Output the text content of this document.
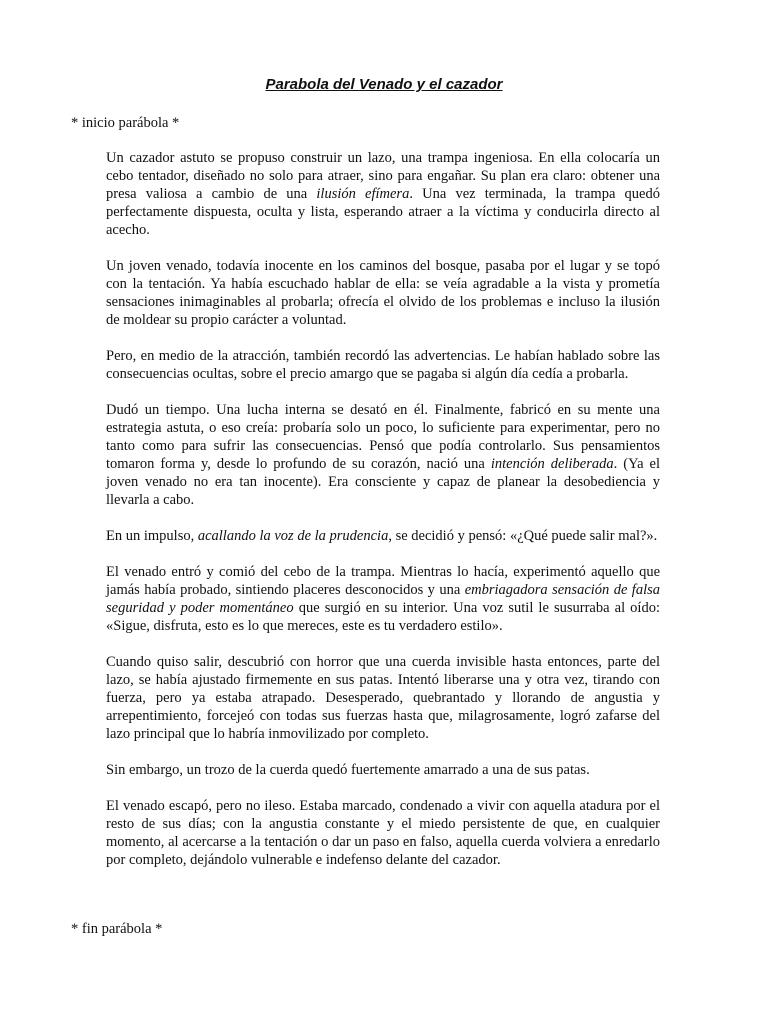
Parabola del Venado y el cazador
* inicio parábola *

Un cazador astuto se propuso construir un lazo, una trampa ingeniosa. En ella colocaría un cebo tentador, diseñado no solo para atraer, sino para engañar. Su plan era claro: obtener una presa valiosa a cambio de una ilusión efímera. Una vez terminada, la trampa quedó perfectamente dispuesta, oculta y lista, esperando atraer a la víctima y conducirla directo al acecho.

Un joven venado, todavía inocente en los caminos del bosque, pasaba por el lugar y se topó con la tentación. Ya había escuchado hablar de ella: se veía agradable a la vista y prometía sensaciones inimaginables al probarla; ofrecía el olvido de los problemas e incluso la ilusión de moldear su propio carácter a voluntad.

Pero, en medio de la atracción, también recordó las advertencias. Le habían hablado sobre las consecuencias ocultas, sobre el precio amargo que se pagaba si algún día cedía a probarla.

Dudó un tiempo. Una lucha interna se desató en él. Finalmente, fabricó en su mente una estrategia astuta, o eso creía: probaría solo un poco, lo suficiente para experimentar, pero no tanto como para sufrir las consecuencias. Pensó que podía controlarlo. Sus pensamientos tomaron forma y, desde lo profundo de su corazón, nació una intención deliberada. (Ya el joven venado no era tan inocente). Era consciente y capaz de planear la desobediencia y llevarla a cabo.

En un impulso, acallando la voz de la prudencia, se decidió y pensó: «¿Qué puede salir mal?».

El venado entró y comió del cebo de la trampa. Mientras lo hacía, experimentó aquello que jamás había probado, sintiendo placeres desconocidos y una embriagadora sensación de falsa seguridad y poder momentáneo que surgió en su interior. Una voz sutil le susurraba al oído: «Sigue, disfruta, esto es lo que mereces, este es tu verdadero estilo».

Cuando quiso salir, descubrió con horror que una cuerda invisible hasta entonces, parte del lazo, se había ajustado firmemente en sus patas. Intentó liberarse una y otra vez, tirando con fuerza, pero ya estaba atrapado. Desesperado, quebrantado y llorando de angustia y arrepentimiento, forcejeó con todas sus fuerzas hasta que, milagrosamente, logró zafarse del lazo principal que lo habría inmovilizado por completo.

Sin embargo, un trozo de la cuerda quedó fuertemente amarrado a una de sus patas.

El venado escapó, pero no ileso. Estaba marcado, condenado a vivir con aquella atadura por el resto de sus días; con la angustia constante y el miedo persistente de que, en cualquier momento, al acercarse a la tentación o dar un paso en falso, aquella cuerda volviera a enredarlo por completo, dejándolo vulnerable e indefenso delante del cazador.

* fin parábola *
